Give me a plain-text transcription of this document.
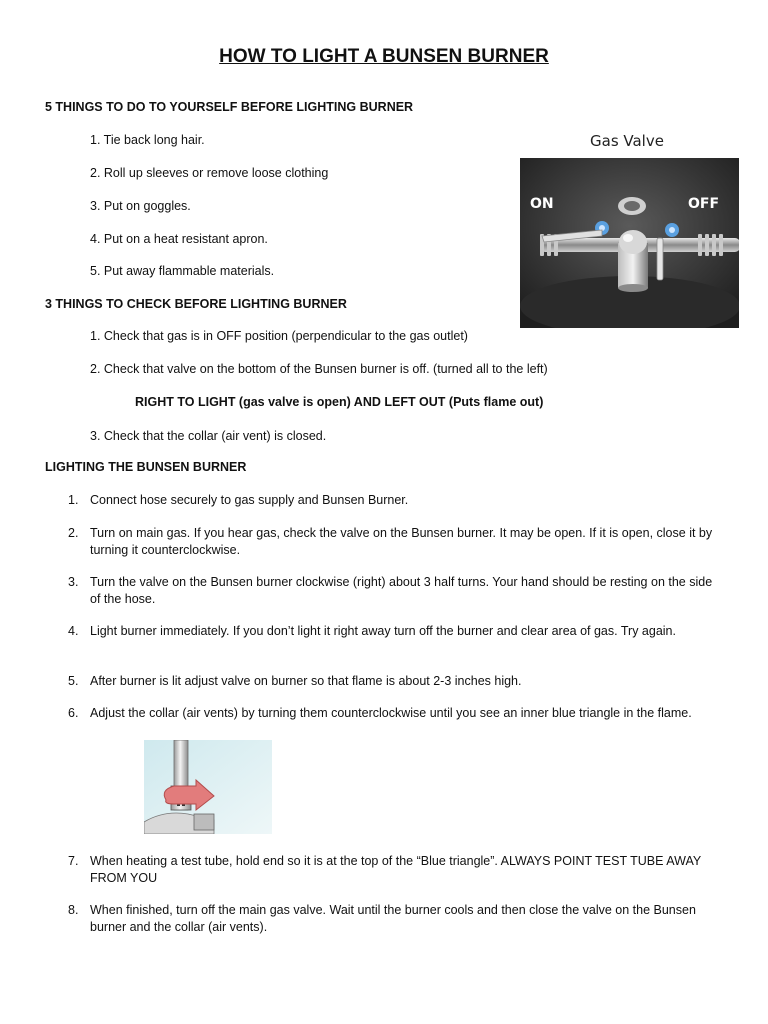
HOW TO LIGHT A BUNSEN BURNER
5 THINGS TO DO TO YOURSELF BEFORE LIGHTING BURNER
1. Tie back long hair.
2. Roll up sleeves or remove loose clothing
3. Put on goggles.
4. Put on a heat resistant apron.
5. Put away flammable materials.
Gas Valve
ON	OFF
3 THINGS TO CHECK BEFORE LIGHTING BURNER
1. Check that gas is in OFF position (perpendicular to the gas outlet)
2. Check that valve on the bottom of the Bunsen burner is off. (turned all to the left)
RIGHT TO LIGHT (gas valve is open) AND LEFT OUT (Puts flame out)
3. Check that the collar (air vent) is closed.
LIGHTING THE BUNSEN BURNER
1. Connect hose securely to gas supply and Bunsen Burner.
2. Turn on main gas. If you hear gas, check the valve on the Bunsen burner. It may be open. If it is open, close it by turning it counterclockwise.
3. Turn the valve on the Bunsen burner clockwise (right) about 3 half turns. Your hand should be resting on the side of the hose.
4. Light burner immediately. If you don’t light it right away turn off the burner and clear area of gas. Try again.
5. After burner is lit adjust valve on burner so that flame is about 2-3 inches high.
6. Adjust the collar (air vents) by turning them counterclockwise until you see an inner blue triangle in the flame.
7. When heating a test tube, hold end so it is at the top of the “Blue triangle”. ALWAYS POINT TEST TUBE AWAY FROM YOU
8. When finished, turn off the main gas valve. Wait until the burner cools and then close the valve on the Bunsen burner and the collar (air vents).
